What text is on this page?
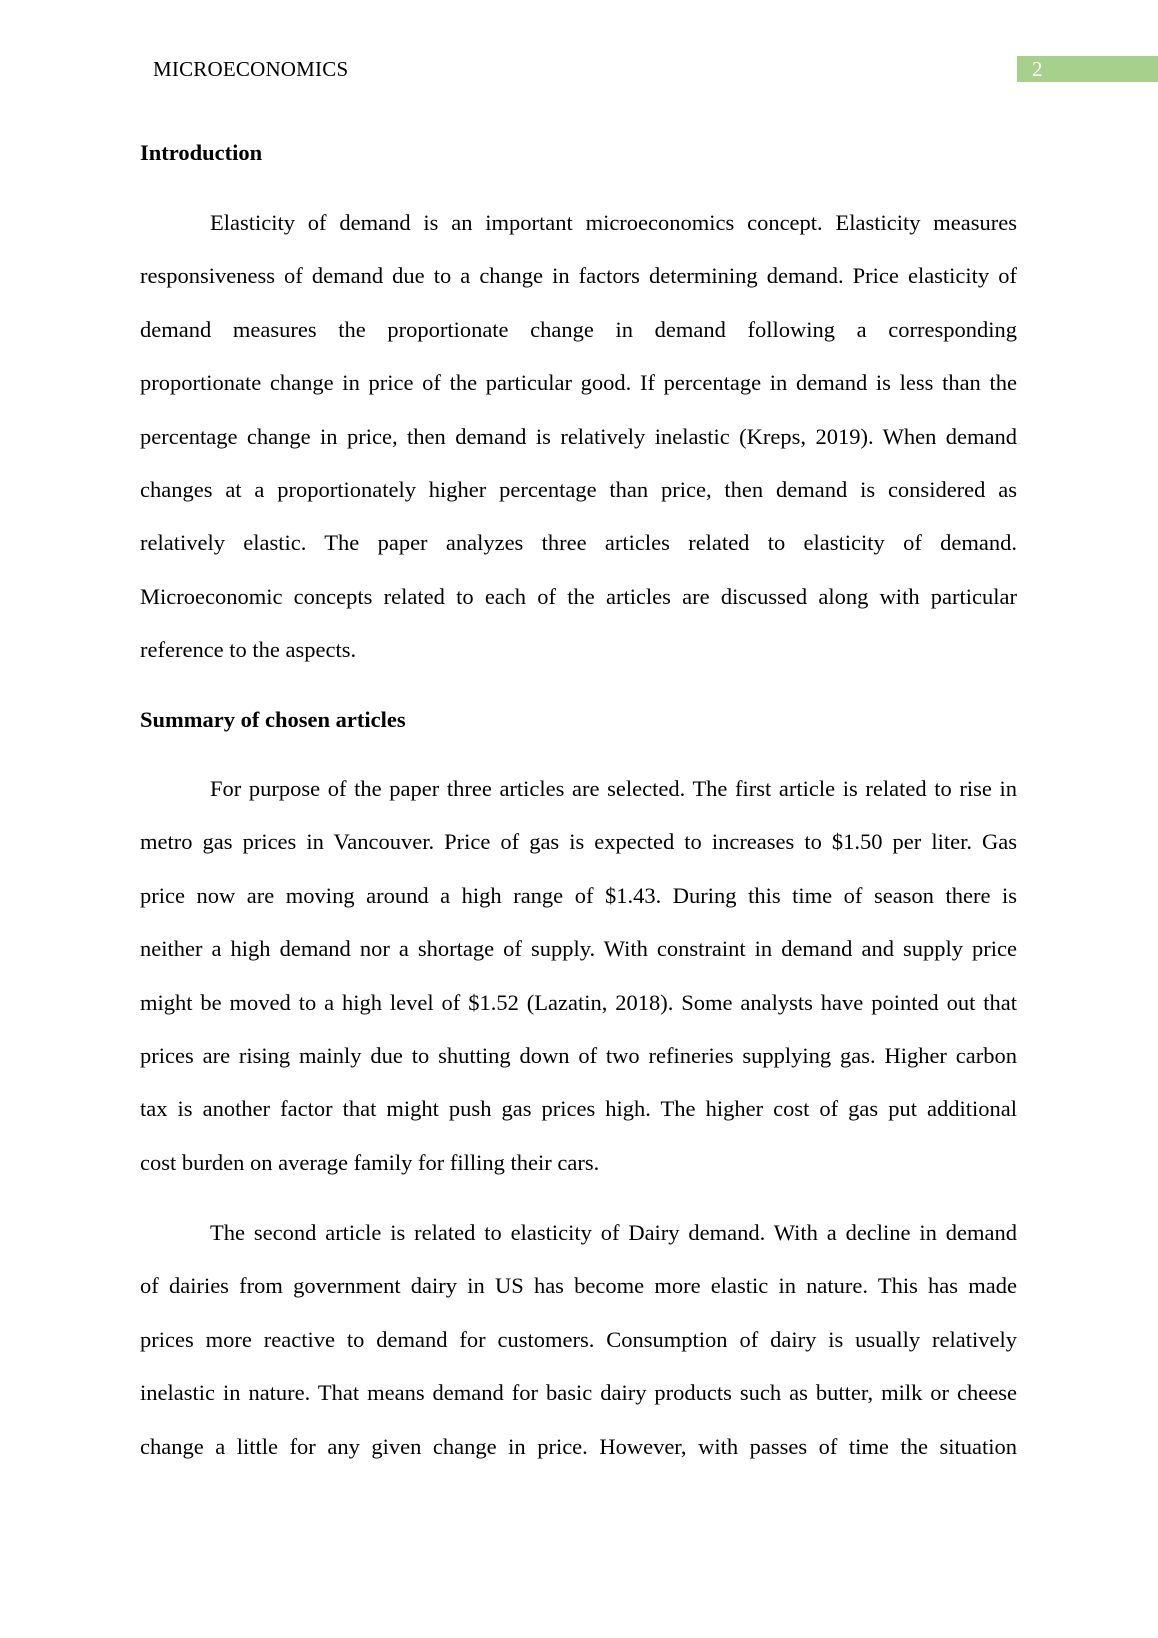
MICROECONOMICS	2
Introduction
Elasticity of demand is an important microeconomics concept. Elasticity measures
responsiveness of demand due to a change in factors determining demand. Price elasticity of
demand measures the proportionate change in demand following a corresponding
proportionate change in price of the particular good. If percentage in demand is less than the
percentage change in price, then demand is relatively inelastic (Kreps, 2019). When demand
changes at a proportionately higher percentage than price, then demand is considered as
relatively elastic. The paper analyzes three articles related to elasticity of demand.
Microeconomic concepts related to each of the articles are discussed along with particular
reference to the aspects.
Summary of chosen articles
For purpose of the paper three articles are selected. The first article is related to rise in
metro gas prices in Vancouver. Price of gas is expected to increases to $1.50 per liter. Gas
price now are moving around a high range of $1.43. During this time of season there is
neither a high demand nor a shortage of supply. With constraint in demand and supply price
might be moved to a high level of $1.52 (Lazatin, 2018). Some analysts have pointed out that
prices are rising mainly due to shutting down of two refineries supplying gas. Higher carbon
tax is another factor that might push gas prices high. The higher cost of gas put additional
cost burden on average family for filling their cars.
The second article is related to elasticity of Dairy demand. With a decline in demand
of dairies from government dairy in US has become more elastic in nature. This has made
prices more reactive to demand for customers. Consumption of dairy is usually relatively
inelastic in nature. That means demand for basic dairy products such as butter, milk or cheese
change a little for any given change in price. However, with passes of time the situation
